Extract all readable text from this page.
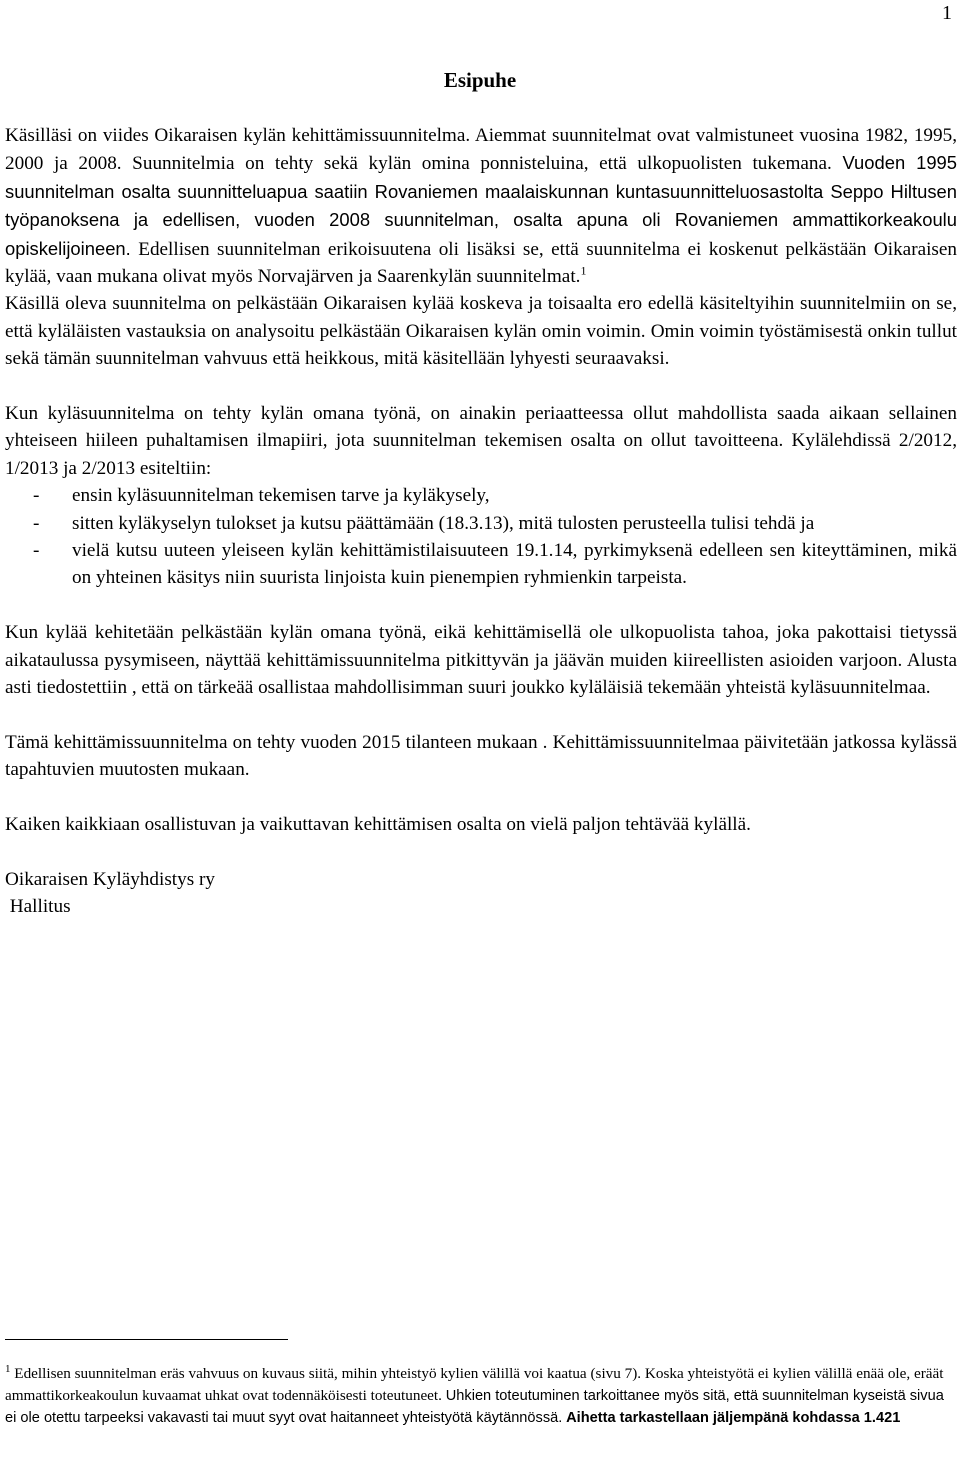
1
Esipuhe

Käsilläsi on viides Oikaraisen kylän kehittämissuunnitelma. Aiemmat suunnitelmat ovat valmistuneet vuosina 1982, 1995, 2000 ja 2008. Suunnitelmia on tehty sekä kylän omina ponnisteluina, että ulkopuolisten tukemana. Vuoden 1995 suunnitelman osalta suunnitteluapua saatiin Rovaniemen maalaiskunnan kuntasuunnitteluosastolta Seppo Hiltusen työpanoksena ja edellisen, vuoden 2008 suunnitelman, osalta apuna oli Rovaniemen ammattikorkeakoulu opiskelijoineen. Edellisen suunnitelman erikoisuutena oli lisäksi se, että suunnitelma ei koskenut pelkästään Oikaraisen kylää, vaan mukana olivat myös Norvajärven ja Saarenkylän suunnitelmat.$^1$

Käsillä oleva suunnitelma on pelkästään Oikaraisen kylää koskeva ja toisaalta ero edellä käsiteltyihin suunnitelmiin on se, että kyläläisten vastauksia on analysoitu pelkästään Oikaraisen kylän omin voimin. Omin voimin työstämisestä onkin tullut sekä tämän suunnitelman vahvuus että heikkous, mitä käsitellään lyhyesti seuraavaksi.

Kun kyläsuunnitelma on tehty kylän omana työnä, on ainakin periaatteessa ollut mahdollista saada aikaan sellainen yhteiseen hiileen puhaltamisen ilmapiiri, jota suunnitelman tekemisen osalta on ollut tavoitteena. Kylälehdissä 2/2012, 1/2013 ja 2/2013 esiteltiin:

- ensin kyläsuunnitelman tekemisen tarve ja kyläkysely,
- sitten kyläkyselyn tulokset ja kutsu päättämään (18.3.13), mitä tulosten perusteella tulisi tehdä ja
- vielä kutsu uuteen yleiseen kylän kehittämistilaisuuteen 19.1.14, pyrkimyksenä edelleen sen kiteyttäminen, mikä on yhteinen käsitys niin suurista linjoista kuin pienempien ryhmienkin tarpeista.

Kun kylää kehitetään pelkästään kylän omana työnä, eikä kehittämisellä ole ulkopuolista tahoa, joka pakottaisi tietyssä aikataulussa pysymiseen, näyttää kehittämissuunnitelma pitkittyvän ja jäävän muiden kiireellisten asioiden varjoon. Alusta asti tiedostettiin , että on tärkeää osallistaa mahdollisimman suuri joukko kyläläisiä tekemään yhteistä kyläsuunnitelmaa.

Tämä kehittämissuunnitelma on tehty vuoden 2015 tilanteen mukaan . Kehittämissuunnitelmaa päivitetään jatkossa kylässä tapahtuvien muutosten mukaan.

Kaiken kaikkiaan osallistuvan ja vaikuttavan kehittämisen osalta on vielä paljon tehtävää kylällä.

Oikaraisen Kyläyhdistys ry

Hallitus

$^1$ Edellisen suunnitelman eräs vahvuus on kuvaus siitä, mihin yhteistyö kylien välillä voi kaatua (sivu 7). Koska yhteistyötä ei kylien välillä enää ole, eräät ammattikorkeakoulun kuvaamat uhkat ovat todennäköisesti toteutuneet. Uhkien toteutuminen tarkoittanee myös sitä, että suunnitelman kyseistä sivua ei ole otettu tarpeeksi vakavasti tai muut syyt ovat haitanneet yhteistyötä käytännössä. Aihetta tarkastellaan jäljempänä kohdassa 1.421
